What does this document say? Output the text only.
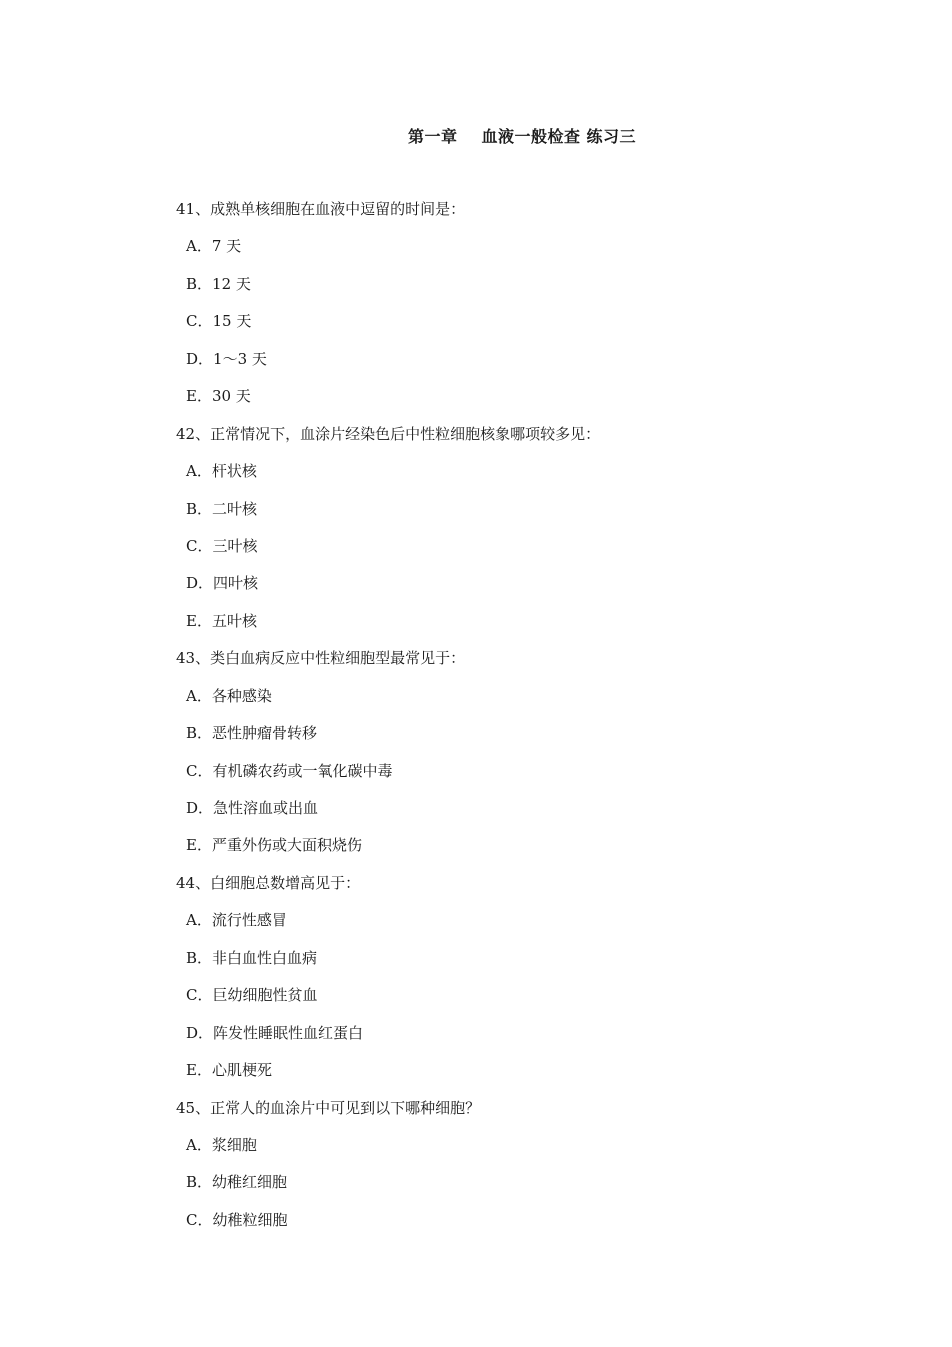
第一章 血液一般检查 练习三
41、成熟单核细胞在血液中逗留的时间是：
A．7 天
B．12 天
C．15 天
D．1～3 天
E．30 天
42、正常情况下，血涂片经染色后中性粒细胞核象哪项较多见：
A．杆状核
B．二叶核
C．三叶核
D．四叶核
E．五叶核
43、类白血病反应中性粒细胞型最常见于：
A．各种感染
B．恶性肿瘤骨转移
C．有机磷农药或一氧化碳中毒
D．急性溶血或出血
E．严重外伤或大面积烧伤
44、白细胞总数增高见于：
A．流行性感冒
B．非白血性白血病
C．巨幼细胞性贫血
D．阵发性睡眠性血红蛋白
E．心肌梗死
45、正常人的血涂片中可见到以下哪种细胞？
A．浆细胞
B．幼稚红细胞
C．幼稚粒细胞
